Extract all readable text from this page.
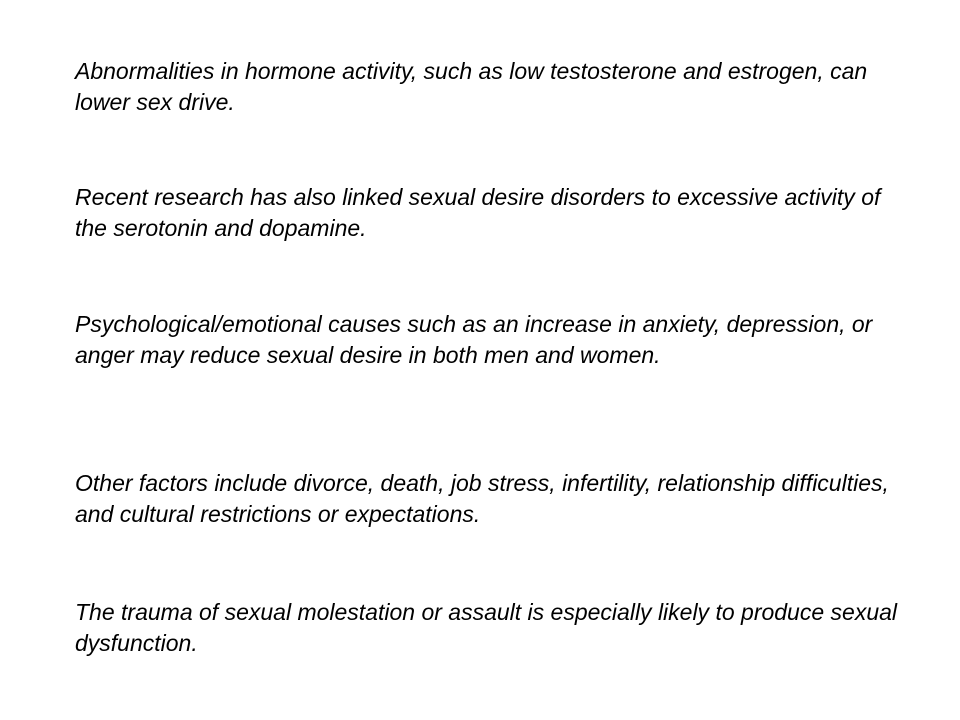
Abnormalities in hormone activity, such as low testosterone and estrogen, can lower sex drive.

Recent research has also linked sexual desire disorders to excessive activity of the serotonin and dopamine.

Psychological/emotional causes such as an increase in anxiety, depression, or anger may reduce sexual desire in both men and women.

Other factors include divorce, death, job stress, infertility, relationship difficulties, and cultural restrictions or expectations.

The trauma of sexual molestation or assault is especially likely to produce sexual dysfunction.
